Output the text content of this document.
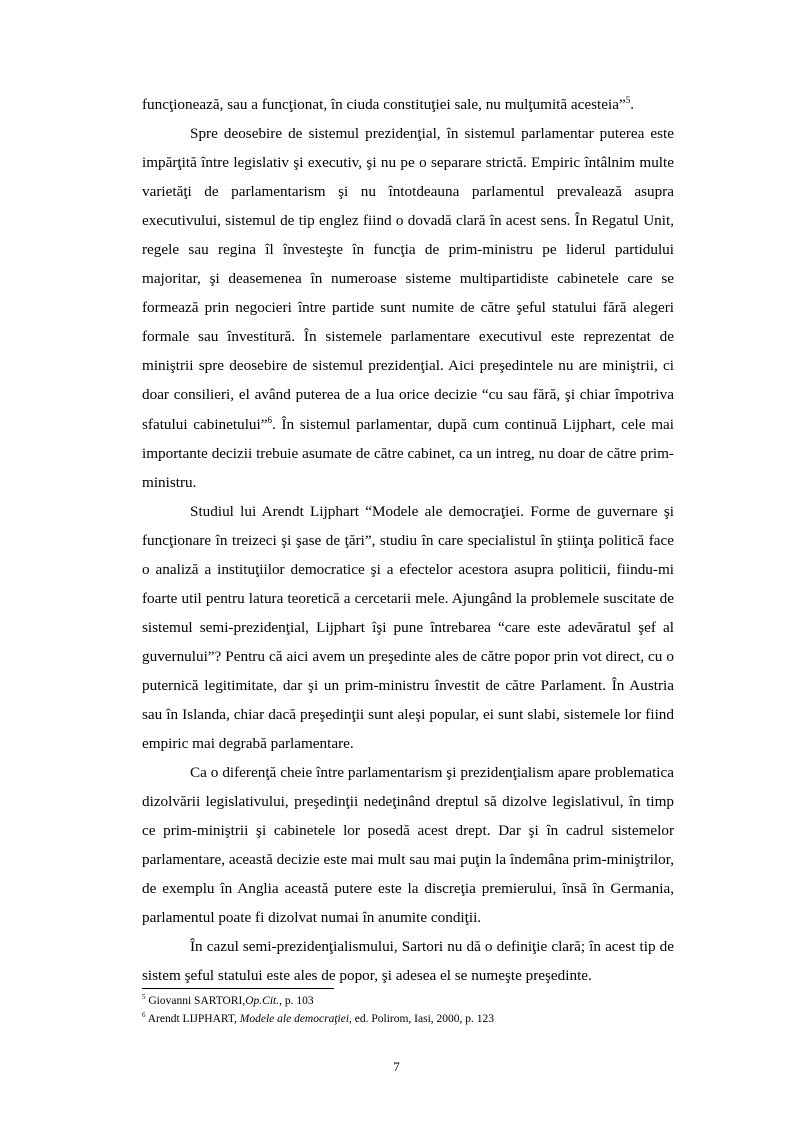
funcţionează, sau a funcţionat, în ciuda constituţiei sale, nu mulţumită acesteia”$^5$.

Spre deosebire de sistemul prezidenţial, în sistemul parlamentar puterea este impărţită între legislativ şi executiv, şi nu pe o separare strictă. Empiric întâlnim multe varietăţi de parlamentarism şi nu întotdeauna parlamentul prevalează asupra executivului, sistemul de tip englez fiind o dovadă clară în acest sens. În Regatul Unit, regele sau regina îl învesteşte în funcţia de prim-ministru pe liderul partidului majoritar, şi deasemenea în numeroase sisteme multipartidiste cabinetele care se formează prin negocieri între partide sunt numite de către şeful statului fără alegeri formale sau învestitură. În sistemele parlamentare executivul este reprezentat de miniştrii spre deosebire de sistemul prezidenţial. Aici preşedintele nu are miniştrii, ci doar consilieri, el având puterea de a lua orice decizie “cu sau fără, şi chiar împotriva sfatului cabinetului”$^6$. În sistemul parlamentar, după cum continuă Lijphart, cele mai importante decizii trebuie asumate de către cabinet, ca un intreg, nu doar de către prim-ministru.

Studiul lui Arendt Lijphart “Modele ale democraţiei. Forme de guvernare şi funcţionare în treizeci şi şase de ţări”, studiu în care specialistul în ştiinţa politică face o analiză a instituţiilor democratice şi a efectelor acestora asupra politicii, fiindu-mi foarte util pentru latura teoretică a cercetarii mele. Ajungând la problemele suscitate de sistemul semi-prezidenţial, Lijphart îşi pune întrebarea “care este adevăratul şef al guvernului”? Pentru că aici avem un preşedinte ales de către popor prin vot direct, cu o puternică legitimitate, dar şi un prim-ministru învestit de către Parlament. În Austria sau în Islanda, chiar dacă preşedinţii sunt aleşi popular, ei sunt slabi, sistemele lor fiind empiric mai degrabă parlamentare.

Ca o diferenţă cheie între parlamentarism şi prezidenţialism apare problematica dizolvării legislativului, preşedinţii nedeţinând dreptul să dizolve legislativul, în timp ce prim-miniştrii şi cabinetele lor posedă acest drept. Dar şi în cadrul sistemelor parlamentare, această decizie este mai mult sau mai puţin la îndemâna prim-miniştrilor, de exemplu în Anglia această putere este la discreţia premierului, însă în Germania, parlamentul poate fi dizolvat numai în anumite condiţii.

În cazul semi-prezidenţialismului, Sartori nu dă o definiţie clară; în acest tip de sistem şeful statului este ales de popor, şi adesea el se numeşte preşedinte.

$^5$ Giovanni SARTORI,Op.Cit., p. 103

$^6$ Arendt LIJPHART, Modele ale democraţiei, ed. Polirom, Iasi, 2000, p. 123

7
